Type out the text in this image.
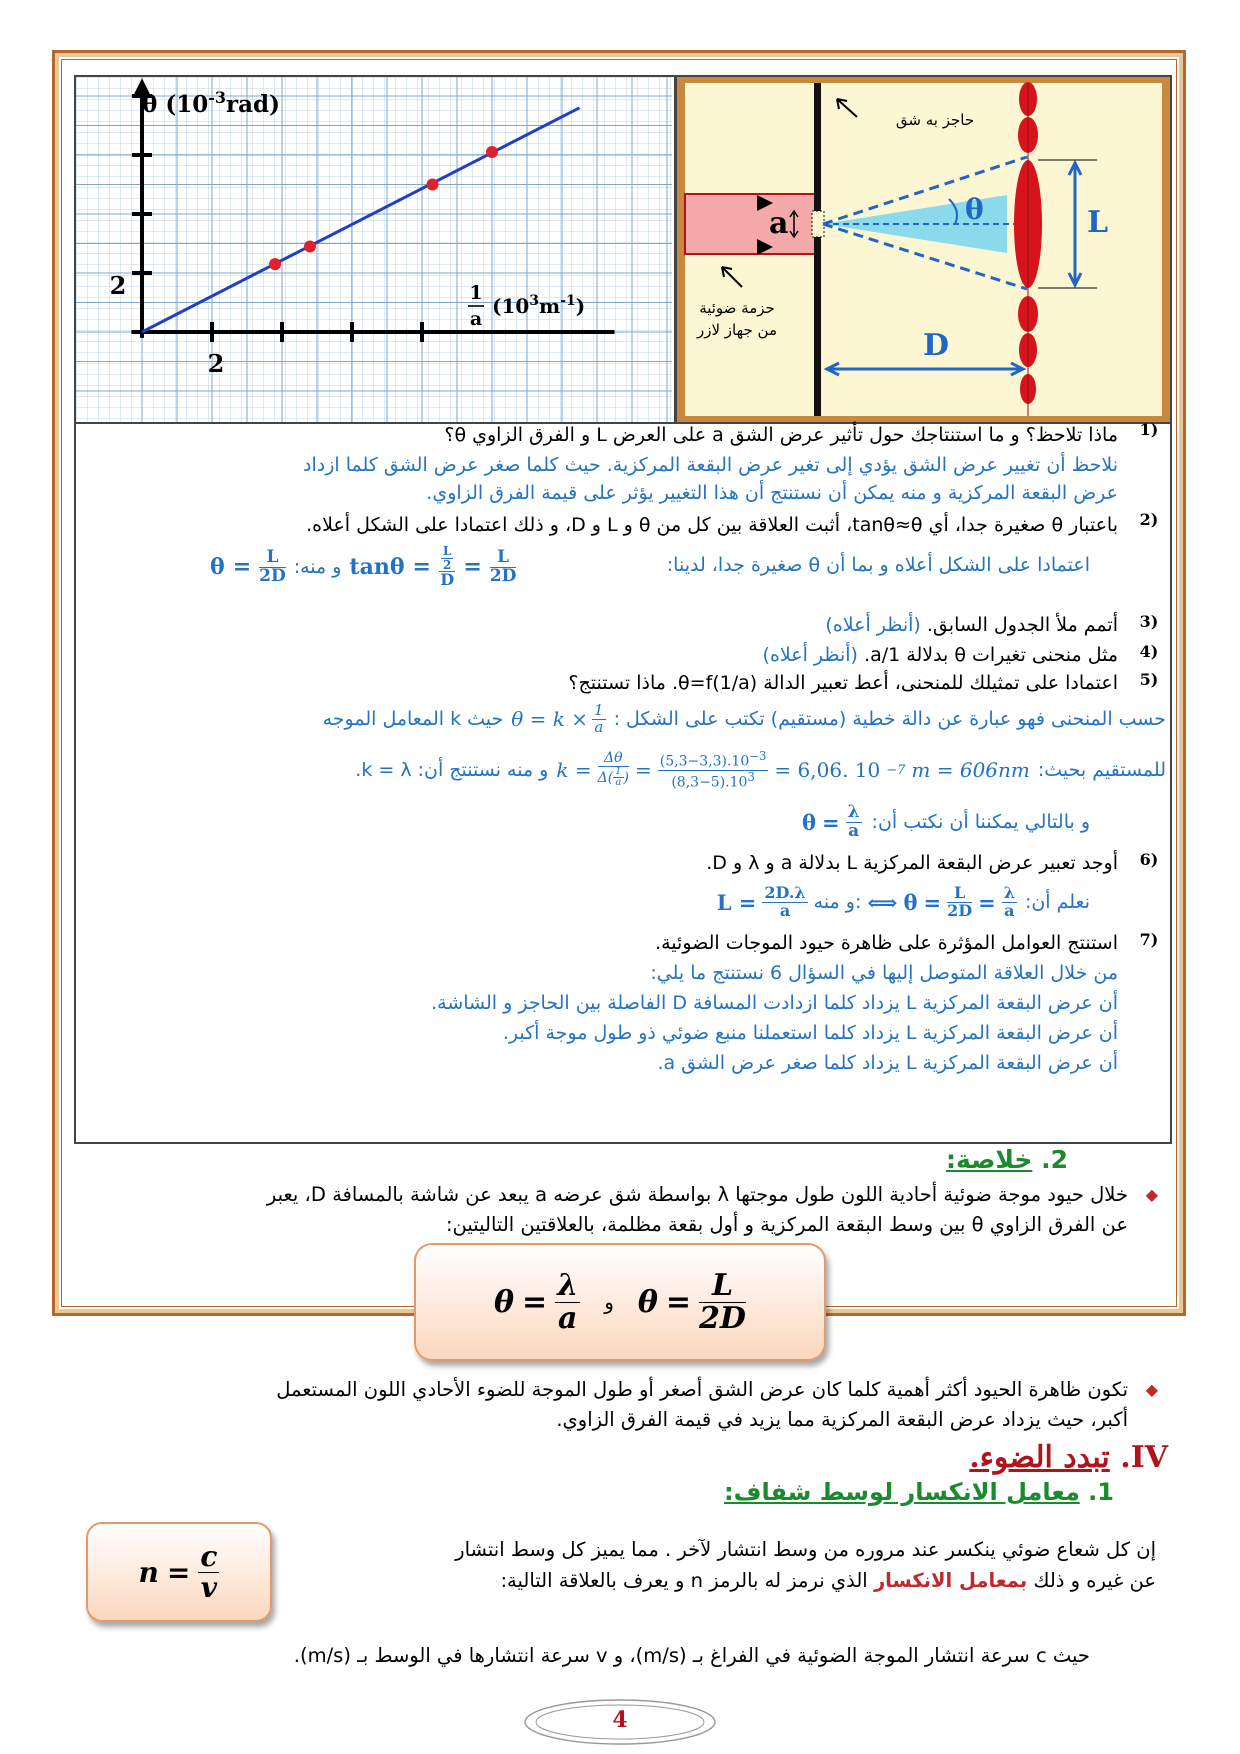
θ $(10^{-3}rad)$
1
a
$(10^3m^{-1})$
2
2
a	θ	L
D
حاجز به شق
حزمة ضوئية
من جهاز لازر
1)
ماذا تلاحظ؟ و ما استنتاجك حول تأثير عرض الشق a على العرض L و الفرق الزاوي θ؟
نلاحظ أن تغيير عرض الشق يؤدي إلى تغير عرض البقعة المركزية. حيث كلما صغر عرض الشق كلما ازداد
عرض البقعة المركزية و منه يمكن أن نستنتج أن هذا التغيير يؤثر على قيمة الفرق الزاوي.
2)
باعتبار θ صغيرة جدا، أي tanθ≈θ، أثبت العلاقة بين كل من θ و L و D، و ذلك اعتمادا على الشكل أعلاه.
اعتمادا على الشكل أعلاه و بما أن θ صغيرة جدا، لدينا:
$\theta = \frac{L}{2D}$ و منه: $\tan\theta = \frac{\frac{L}{2}}{D} = \frac{L}{2D}$
3)
أتمم ملأ الجدول السابق. (أنظر أعلاه)
4)
مثل منحنى تغيرات θ بدلالة 1/a. (أنظر أعلاه)
5)
اعتمادا على تمثيلك للمنحنى، أعط تعبير الدالة θ=f(1/a). ماذا تستنتج؟
حسب المنحنى فهو عبارة عن دالة خطية (مستقيم) تكتب على الشكل :
$\theta = k \times \frac{1}{a}$
حيث k المعامل الموجه
للمستقيم بحيث:
$k = \frac{\Delta\theta}{\Delta( \frac{1}{a} )} = \frac{(5,3-3,3).10^{-3}}{(8,3-5).10^3} = 6,06$. 10 −7 m = 606nm
و منه نستنتج أن: k = λ.
و بالتالي يمكننا أن نكتب أن:
$\theta = \frac{\lambda}{a}$
6)
أوجد تعبير عرض البقعة المركزية L بدلالة a و λ و D.
نعلم أن:
$L = \frac{2D.\lambda}{a}$ و منه: ⟺ $\theta = \frac{L}{2D} = \frac{\lambda}{a}$
7)
استنتج العوامل المؤثرة على ظاهرة حيود الموجات الضوئية.
من خلال العلاقة المتوصل إليها في السؤال 6 نستنتج ما يلي:
أن عرض البقعة المركزية L يزداد كلما ازدادت المسافة D الفاصلة بين الحاجز و الشاشة.
أن عرض البقعة المركزية L يزداد كلما استعملنا منبع ضوئي ذو طول موجة أكبر.
أن عرض البقعة المركزية L يزداد كلما صغر عرض الشق a.
2. خلاصة:
◆
خلال حيود موجة ضوئية أحادية اللون طول موجتها λ بواسطة شق عرضه a يبعد عن شاشة بالمسافة D، يعبر
عن الفرق الزاوي θ بين وسط البقعة المركزية و أول بقعة مظلمة، بالعلاقتين التاليتين:
$\theta = \frac{\lambda}{a}$ و $\theta = \frac{L}{2D}$
◆
تكون ظاهرة الحيود أكثر أهمية كلما كان عرض الشق أصغر أو طول الموجة للضوء الأحادي اللون المستعمل
أكبر، حيث يزداد عرض البقعة المركزية مما يزيد في قيمة الفرق الزاوي.
IV. تبدد الضوء.
1. معامل الانكسار لوسط شفاف:
إن كل شعاع ضوئي ينكسر عند مروره من وسط انتشار لآخر . مما يميز كل وسط انتشار
عن غيره و ذلك بمعامل الانكسار الذي نرمز له بالرمز n و يعرف بالعلاقة التالية:
$n = \frac{c}{v}$
حيث c سرعة انتشار الموجة الضوئية في الفراغ بـ (m/s)، و v سرعة انتشارها في الوسط بـ (m/s).
4
